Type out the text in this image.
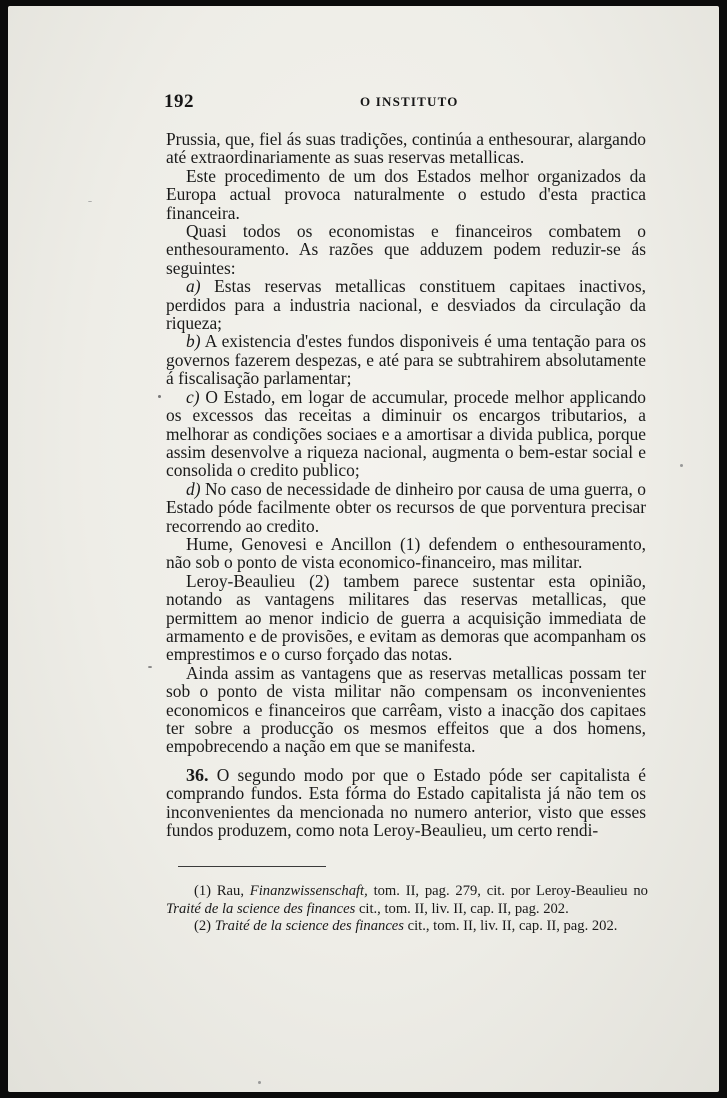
192	O INSTITUTO

Prussia, que, fiel ás suas tradições, continúa a enthesourar, alargando até extraordinariamente as suas reservas metallicas.

Este procedimento de um dos Estados melhor organizados da Europa actual provoca naturalmente o estudo d'esta practica financeira.

Quasi todos os economistas e financeiros combatem o enthesouramento. As razões que adduzem podem reduzir-se ás seguintes:

a) Estas reservas metallicas constituem capitaes inactivos, perdidos para a industria nacional, e desviados da circulação da riqueza;

b) A existencia d'estes fundos disponiveis é uma tentação para os governos fazerem despezas, e até para se subtrahirem absolutamente á fiscalisação parlamentar;

c) O Estado, em logar de accumular, procede melhor applicando os excessos das receitas a diminuir os encargos tributarios, a melhorar as condições sociaes e a amortisar a divida publica, porque assim desenvolve a riqueza nacional, augmenta o bem-estar social e consolida o credito publico;

d) No caso de necessidade de dinheiro por causa de uma guerra, o Estado póde facilmente obter os recursos de que porventura precisar recorrendo ao credito.

Hume, Genovesi e Ancillon (1) defendem o enthesouramento, não sob o ponto de vista economico-financeiro, mas militar.

Leroy-Beaulieu (2) tambem parece sustentar esta opinião, notando as vantagens militares das reservas metallicas, que permittem ao menor indicio de guerra a acquisição immediata de armamento e de provisões, e evitam as demoras que acompanham os emprestimos e o curso forçado das notas.

Ainda assim as vantagens que as reservas metallicas possam ter sob o ponto de vista militar não compensam os inconvenientes economicos e financeiros que carrêam, visto a inacção dos capitaes ter sobre a producção os mesmos effeitos que a dos homens, empobrecendo a nação em que se manifesta.

36. O segundo modo por que o Estado póde ser capitalista é comprando fundos. Esta fórma do Estado capitalista já não tem os inconvenientes da mencionada no numero anterior, visto que esses fundos produzem, como nota Leroy-Beaulieu, um certo rendi-

(1) Rau, Finanzwissenschaft, tom. II, pag. 279, cit. por Leroy-Beaulieu no Traité de la science des finances cit., tom. II, liv. II, cap. II, pag. 202.

(2) Traité de la science des finances cit., tom. II, liv. II, cap. II, pag. 202.
